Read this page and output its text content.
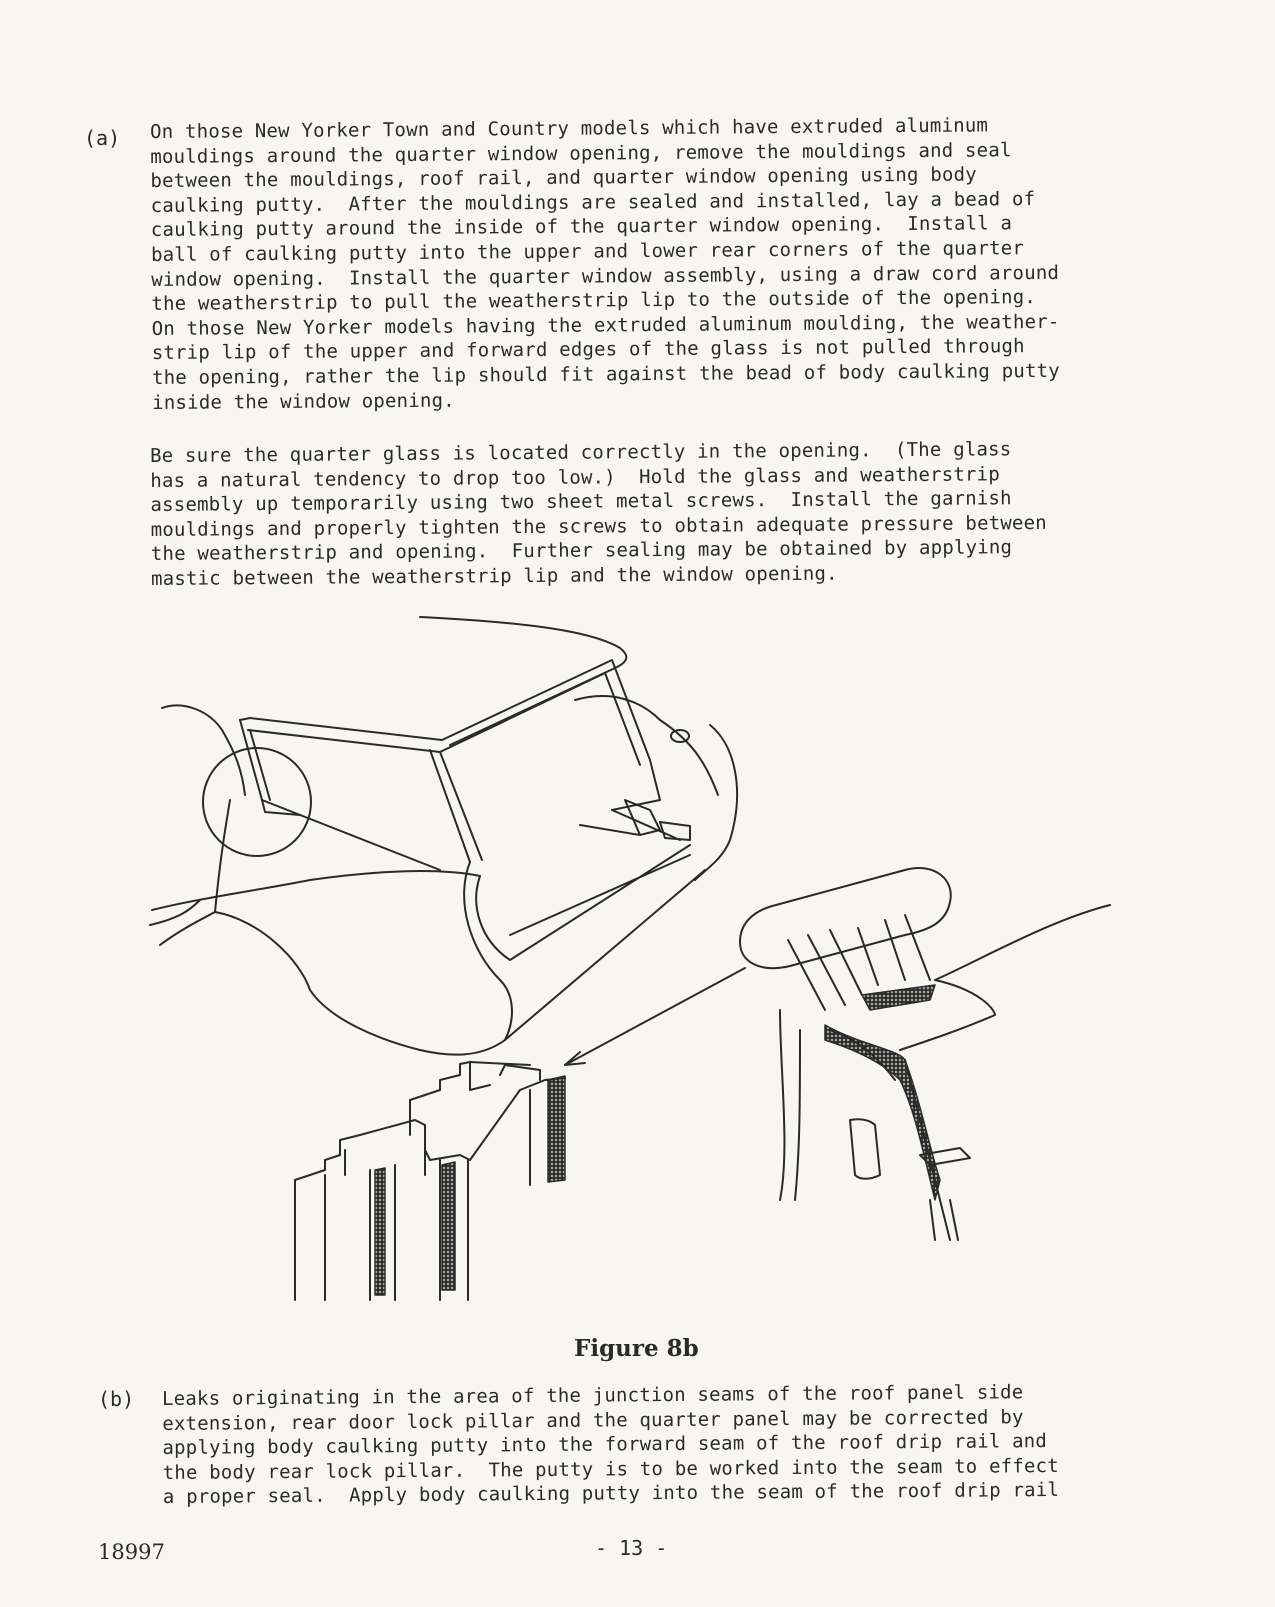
(a) On those New Yorker Town and Country models which have extruded aluminum
mouldings around the quarter window opening, remove the mouldings and seal
between the mouldings, roof rail, and quarter window opening using body
caulking putty.  After the mouldings are sealed and installed, lay a bead of
caulking putty around the inside of the quarter window opening.  Install a
ball of caulking putty into the upper and lower rear corners of the quarter
window opening.  Install the quarter window assembly, using a draw cord around
the weatherstrip to pull the weatherstrip lip to the outside of the opening.
On those New Yorker models having the extruded aluminum moulding, the weather-
strip lip of the upper and forward edges of the glass is not pulled through
the opening, rather the lip should fit against the bead of body caulking putty
inside the window opening.
Be sure the quarter glass is located correctly in the opening.  (The glass
has a natural tendency to drop too low.)  Hold the glass and weatherstrip
assembly up temporarily using two sheet metal screws.  Install the garnish
mouldings and properly tighten the screws to obtain adequate pressure between
the weatherstrip and opening.  Further sealing may be obtained by applying
mastic between the weatherstrip lip and the window opening.
Figure 8b
(b) Leaks originating in the area of the junction seams of the roof panel side
extension, rear door lock pillar and the quarter panel may be corrected by
applying body caulking putty into the forward seam of the roof drip rail and
the body rear lock pillar.  The putty is to be worked into the seam to effect
a proper seal.  Apply body caulking putty into the seam of the roof drip rail
18997	- 13 -
